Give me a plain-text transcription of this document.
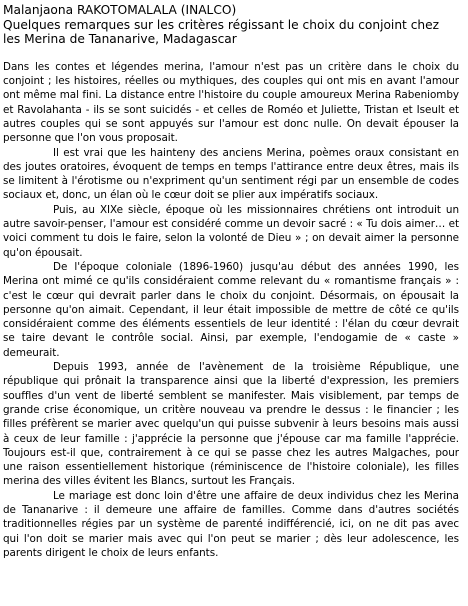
Malanjaona RAKOTOMALALA (INALCO)
Quelques remarques sur les critères régissant le choix du conjoint chez
les Merina de Tananarive, Madagascar

Dans les contes et légendes merina, l'amour n'est pas un critère dans le choix du conjoint ; les histoires, réelles ou mythiques, des couples qui ont mis en avant l'amour ont même mal fini. La distance entre l'histoire du couple amoureux Merina Rabeniomby et Ravolahanta - ils se sont suicidés - et celles de Roméo et Juliette, Tristan et Iseult et autres couples qui se sont appuyés sur l'amour est donc nulle. On devait épouser la personne que l'on vous proposait.

Il est vrai que les hainteny des anciens Merina, poèmes oraux consistant en des joutes oratoires, évoquent de temps en temps l'attirance entre deux êtres, mais ils se limitent à l'érotisme ou n'expriment qu'un sentiment régi par un ensemble de codes sociaux et, donc, un élan où le cœur doit se plier aux impératifs sociaux.

Puis, au XIXe siècle, époque où les missionnaires chrétiens ont introduit un autre savoir-penser, l'amour est considéré comme un devoir sacré : « Tu dois aimer… et voici comment tu dois le faire, selon la volonté de Dieu » ; on devait aimer la personne qu'on épousait.

De l'époque coloniale (1896-1960) jusqu'au début des années 1990, les Merina ont mimé ce qu'ils considéraient comme relevant du « romantisme français » : c'est le cœur qui devrait parler dans le choix du conjoint. Désormais, on épousait la personne qu'on aimait. Cependant, il leur était impossible de mettre de côté ce qu'ils considéraient comme des éléments essentiels de leur identité : l'élan du cœur devrait se taire devant le contrôle social. Ainsi, par exemple, l'endogamie de « caste » demeurait.

Depuis 1993, année de l'avènement de la troisième République, une république qui prônait la transparence ainsi que la liberté d'expression, les premiers souffles d'un vent de liberté semblent se manifester. Mais visiblement, par temps de grande crise économique, un critère nouveau va prendre le dessus : le financier ; les filles préfèrent se marier avec quelqu'un qui puisse subvenir à leurs besoins mais aussi à ceux de leur famille : j'apprécie la personne que j'épouse car ma famille l'apprécie. Toujours est-il que, contrairement à ce qui se passe chez les autres Malgaches, pour une raison essentiellement historique (réminiscence de l'histoire coloniale), les filles merina des villes évitent les Blancs, surtout les Français.

Le mariage est donc loin d'être une affaire de deux individus chez les Merina de Tananarive : il demeure une affaire de familles. Comme dans d'autres sociétés traditionnelles régies par un système de parenté indifférencié, ici, on ne dit pas avec qui l'on doit se marier mais avec qui l'on peut se marier ; dès leur adolescence, les parents dirigent le choix de leurs enfants.
